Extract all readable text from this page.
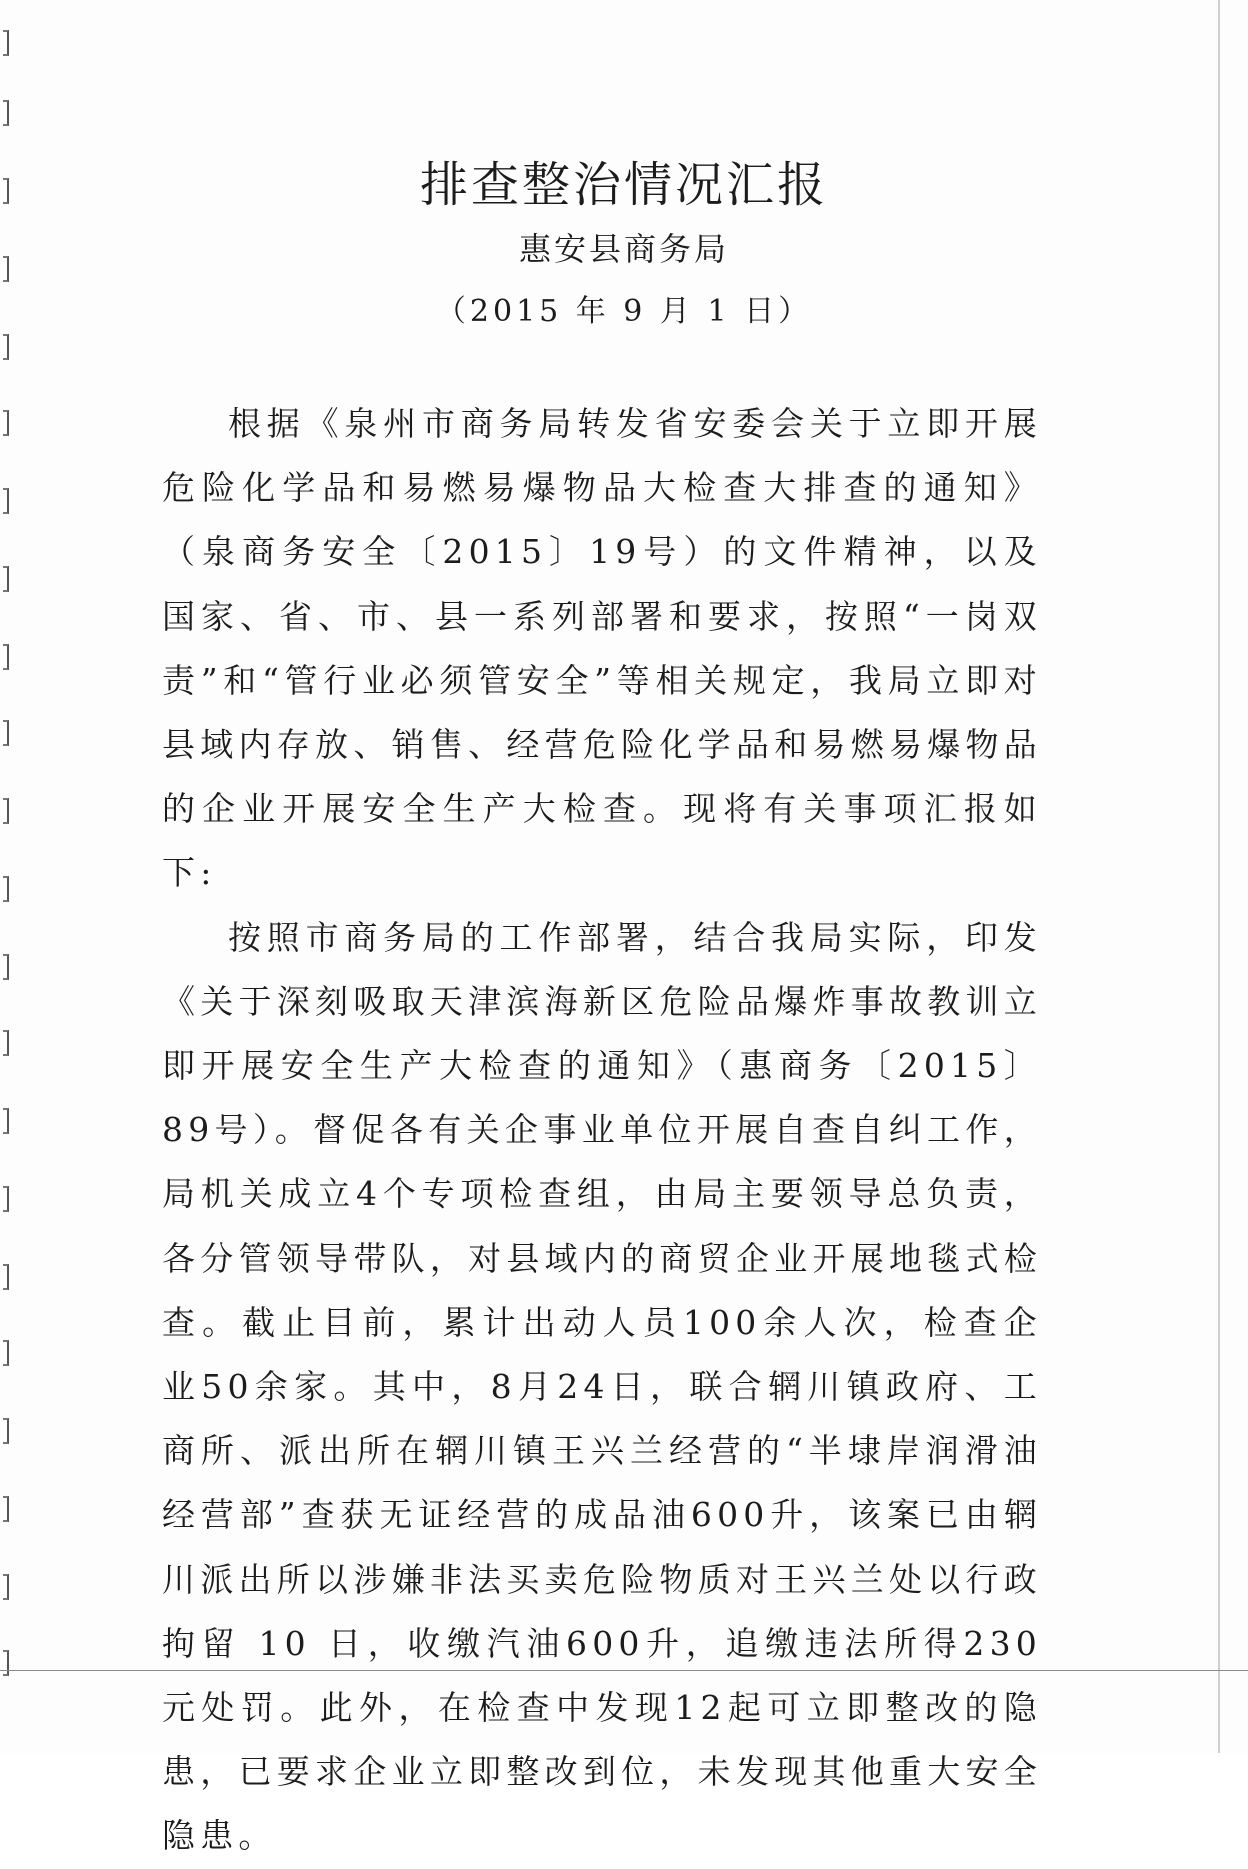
排查整治情况汇报
惠安县商务局
（2015 年 9 月 1 日）

根据《泉州市商务局转发省安委会关于立即开展危险化学品和易燃易爆物品大检查大排查的通知》（泉商务安全〔2015〕19号）的文件精神，以及国家、省、市、县一系列部署和要求，按照“一岗双责”和“管行业必须管安全”等相关规定，我局立即对县域内存放、销售、经营危险化学品和易燃易爆物品的企业开展安全生产大检查。现将有关事项汇报如下:

按照市商务局的工作部署，结合我局实际，印发《关于深刻吸取天津滨海新区危险品爆炸事故教训立即开展安全生产大检查的通知》（惠商务〔2015〕89号）。督促各有关企事业单位开展自查自纠工作，局机关成立4个专项检查组，由局主要领导总负责，各分管领导带队，对县域内的商贸企业开展地毯式检查。截止目前，累计出动人员100余人次，检查企业50余家。其中，8月24日，联合辋川镇政府、工商所、派出所在辋川镇王兴兰经营的“半埭岸润滑油经营部”查获无证经营的成品油600升，该案已由辋川派出所以涉嫌非法买卖危险物质对王兴兰处以行政拘留 10 日，收缴汽油600升，追缴违法所得230元处罚。此外，在检查中发现12起可立即整改的隐患，已要求企业立即整改到位，未发现其他重大安全隐患。
